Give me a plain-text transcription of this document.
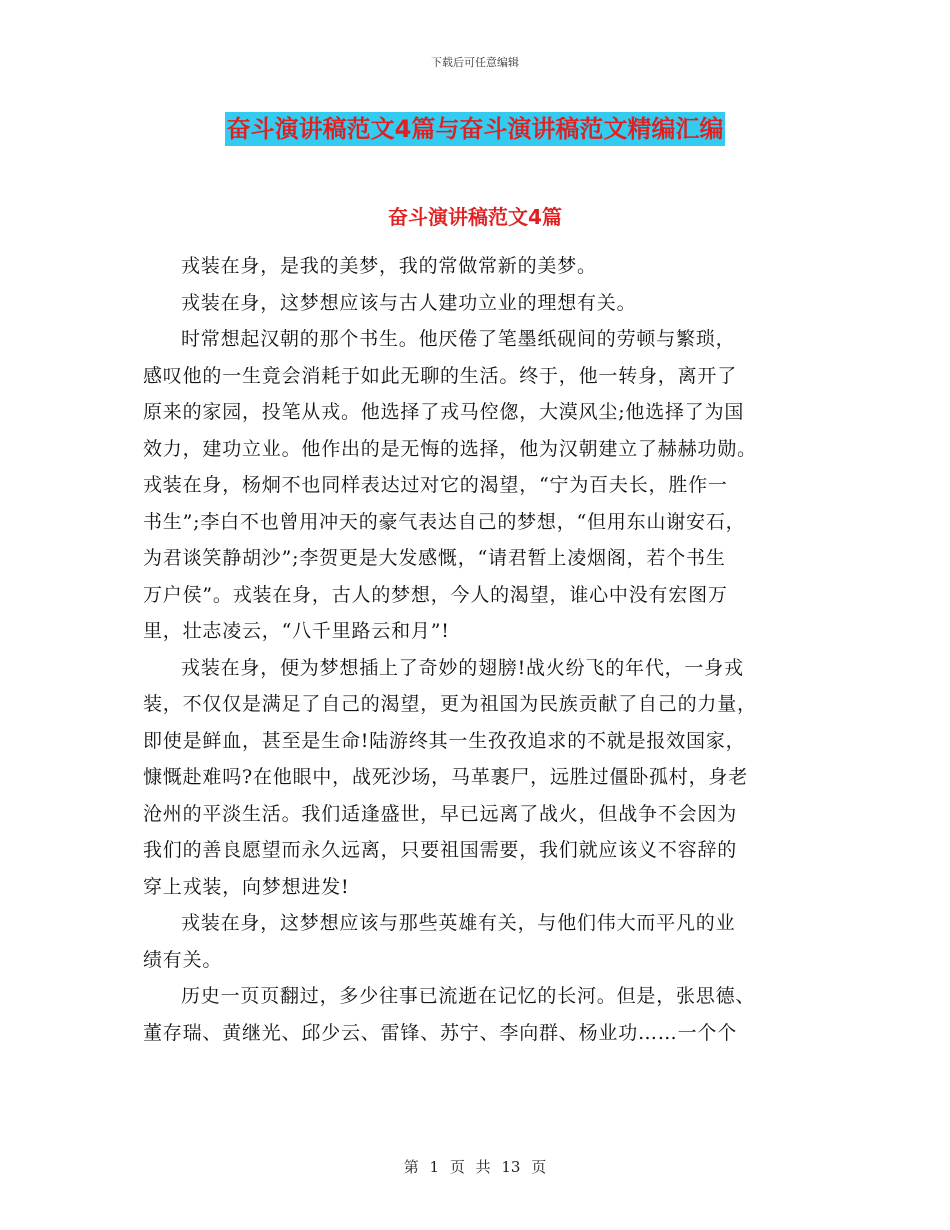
下载后可任意编辑
奋斗演讲稿范文4篇与奋斗演讲稿范文精编汇编
奋斗演讲稿范文4篇

戎装在身，是我的美梦，我的常做常新的美梦。

戎装在身，这梦想应该与古人建功立业的理想有关。

时常想起汉朝的那个书生。他厌倦了笔墨纸砚间的劳顿与繁琐，
感叹他的一生竟会消耗于如此无聊的生活。终于，他一转身，离开了
原来的家园，投笔从戎。他选择了戎马倥偬，大漠风尘;他选择了为国
效力，建功立业。他作出的是无悔的选择，他为汉朝建立了赫赫功勋。
戎装在身，杨炯不也同样表达过对它的渴望，“宁为百夫长，胜作一
书生”;李白不也曾用冲天的豪气表达自己的梦想，“但用东山谢安石，
为君谈笑静胡沙”;李贺更是大发感慨，“请君暂上凌烟阁，若个书生
万户侯”。戎装在身，古人的梦想，今人的渴望，谁心中没有宏图万
里，壮志凌云，“八千里路云和月”!

戎装在身，便为梦想插上了奇妙的翅膀!战火纷飞的年代，一身戎
装，不仅仅是满足了自己的渴望，更为祖国为民族贡献了自己的力量，
即使是鲜血，甚至是生命!陆游终其一生孜孜追求的不就是报效国家，
慷慨赴难吗?在他眼中，战死沙场，马革裹尸，远胜过僵卧孤村，身老
沧州的平淡生活。我们适逢盛世，早已远离了战火，但战争不会因为
我们的善良愿望而永久远离，只要祖国需要，我们就应该义不容辞的
穿上戎装，向梦想进发!

戎装在身，这梦想应该与那些英雄有关，与他们伟大而平凡的业
绩有关。

历史一页页翻过，多少往事已流逝在记忆的长河。但是，张思德、
董存瑞、黄继光、邱少云、雷锋、苏宁、李向群、杨业功……一个个

第 1 页 共 13 页
